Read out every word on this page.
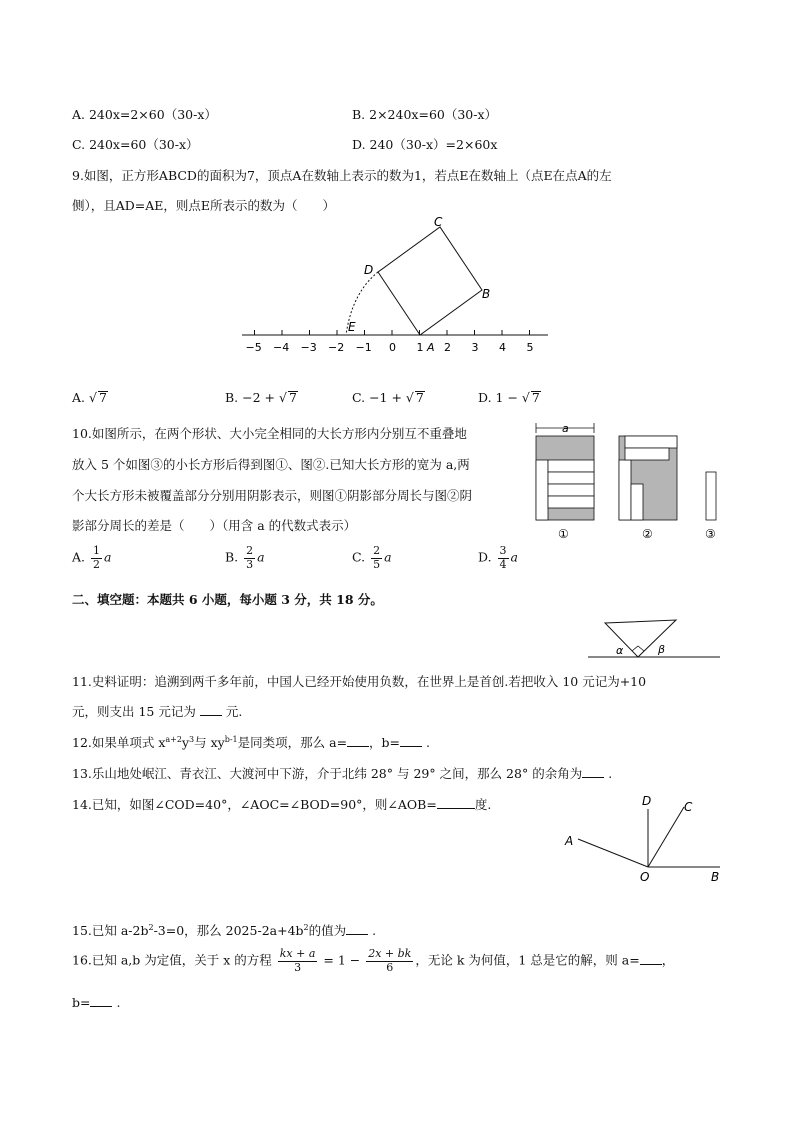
A. 240x=2×60（30-x）	B. 2×240x=60（30-x）
C. 240x=60（30-x）	D. 240（30-x）=2×60x
9.如图，正方形ABCD的面积为7，顶点A在数轴上表示的数为1，若点E在数轴上（点E在点A的左
侧），且AD=AE，则点E所表示的数为（　　）
−5 −4 −3 −2 −1 0 1 2 3 4 5
C
D
B
E
A
A. √ 7	B. −2 + √ 7	C. −1 + √ 7	D. 1 − √ 7
10.如图所示，在两个形状、大小完全相同的大长方形内分别互不重叠地
放入 5 个如图③的小长方形后得到图①、图②.已知大长方形的宽为 a,两
个大长方形未被覆盖部分分别用阴影表示，则图①阴影部分周长与图②阴
影部分周长的差是（　　）（用含 a 的代数式表示）
a
①	②	③
A. $\frac{1}{2}$ a	B. $\frac{2}{3}$ a	C. $\frac{2}{5}$ a	D. $\frac{3}{4}$ a
二、填空题：本题共 6 小题，每小题 3 分，共 18 分。
α	β
11.史料证明：追溯到两千多年前，中国人已经开始使用负数，在世界上是首创.若把收入 10 元记为+10
元，则支出 15 元记为 元.
12.如果单项式 $x^{a+2}y^3$与 $xy^{b-1}$是同类项，那么 a= ，b= .
13.乐山地处岷江、青衣江、大渡河中下游，介于北纬 28° 与 29° 之间，那么 28° 的余角为 .
14.已知，如图∠COD=40°，∠AOC=∠BOD=90°，则∠AOB=	度.	D	C
A
O	B
15.已知 $a-2b^2-3=0$，那么 $2025-2a+4b^2$的值为 .
16.已知 a,b 为定值，关于 x 的方程 $\frac{kx + a}{3} = 1 - \frac{2x + bk}{6}$ ，无论 k 为何值，1 总是它的解，则 a= ，
b= .
